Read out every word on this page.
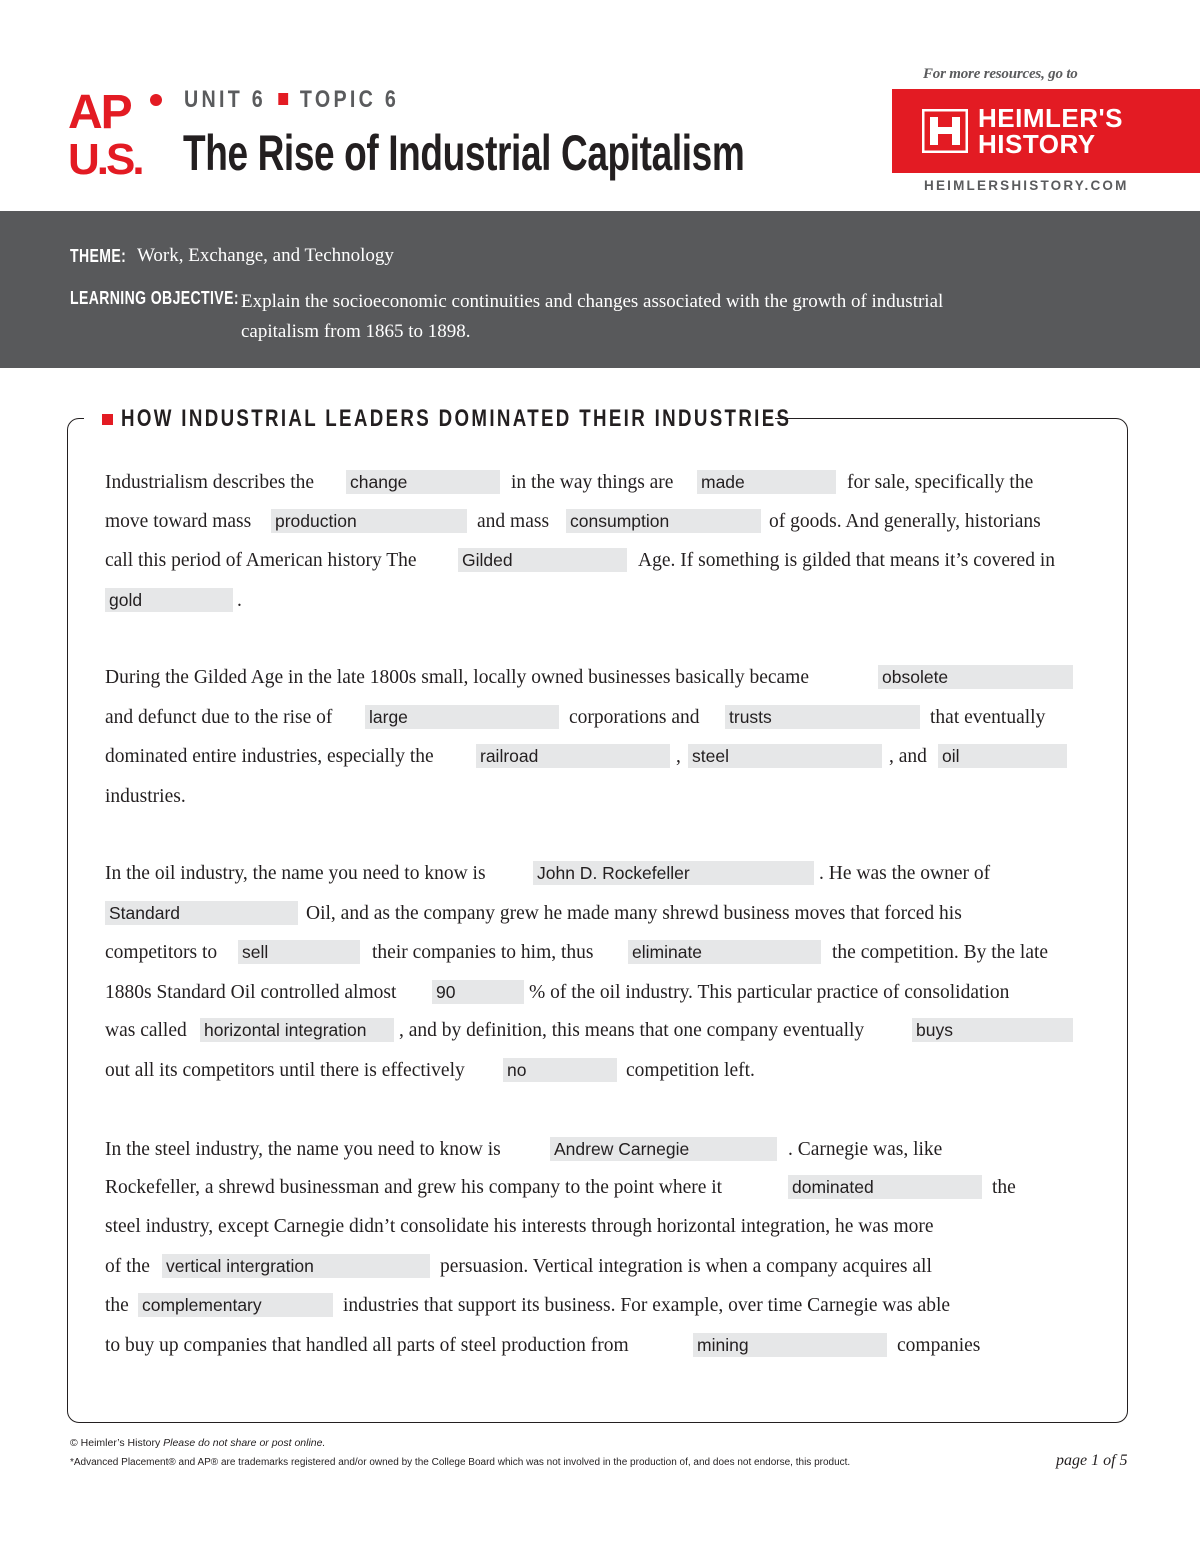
AP
U.S.
UNIT 6 TOPIC 6
The Rise of Industrial Capitalism
For more resources, go to
HEIMLER'S
HISTORY
HEIMLERSHISTORY.COM
THEME: Work, Exchange, and Technology
LEARNING OBJECTIVE: Explain the socioeconomic continuities and changes associated with the growth of industrial
capitalism from 1865 to 1898.
HOW INDUSTRIAL LEADERS DOMINATED THEIR INDUSTRIES
Industrialism describes the change	in the way things are made	for sale, specifically the
move toward mass production	and mass consumption	of goods. And generally, historians
call this period of American history The	Gilded	Age. If something is gilded that means it’s covered in
gold	.
During the Gilded Age in the late 1800s small, locally owned businesses basically became	obsolete
and defunct due to the rise of large	corporations and trusts	that eventually
dominated entire industries, especially the	railroad	, steel	, and oil
industries.
In the oil industry, the name you need to know is	John D. Rockefeller	. He was the owner of
Standard	Oil, and as the company grew he made many shrewd business moves that forced his
competitors to sell	their companies to him, thus eliminate	the competition. By the late
1880s Standard Oil controlled almost 90	% of the oil industry. This particular practice of consolidation
was called horizontal integration	, and by definition, this means that one company eventually	buys
out all its competitors until there is effectively no	competition left.
In the steel industry, the name you need to know is	Andrew Carnegie	. Carnegie was, like
Rockefeller, a shrewd businessman and grew his company to the point where it	dominated	the
steel industry, except Carnegie didn’t consolidate his interests through horizontal integration, he was more
of the vertical intergration	persuasion. Vertical integration is when a company acquires all
the complementary	industries that support its business. For example, over time Carnegie was able
to buy up companies that handled all parts of steel production from	mining	companies
© Heimler’s History Please do not share or post online.
*Advanced Placement® and AP® are trademarks registered and/or owned by the College Board which was not involved in the production of, and does not endorse, this product.	page 1 of 5
